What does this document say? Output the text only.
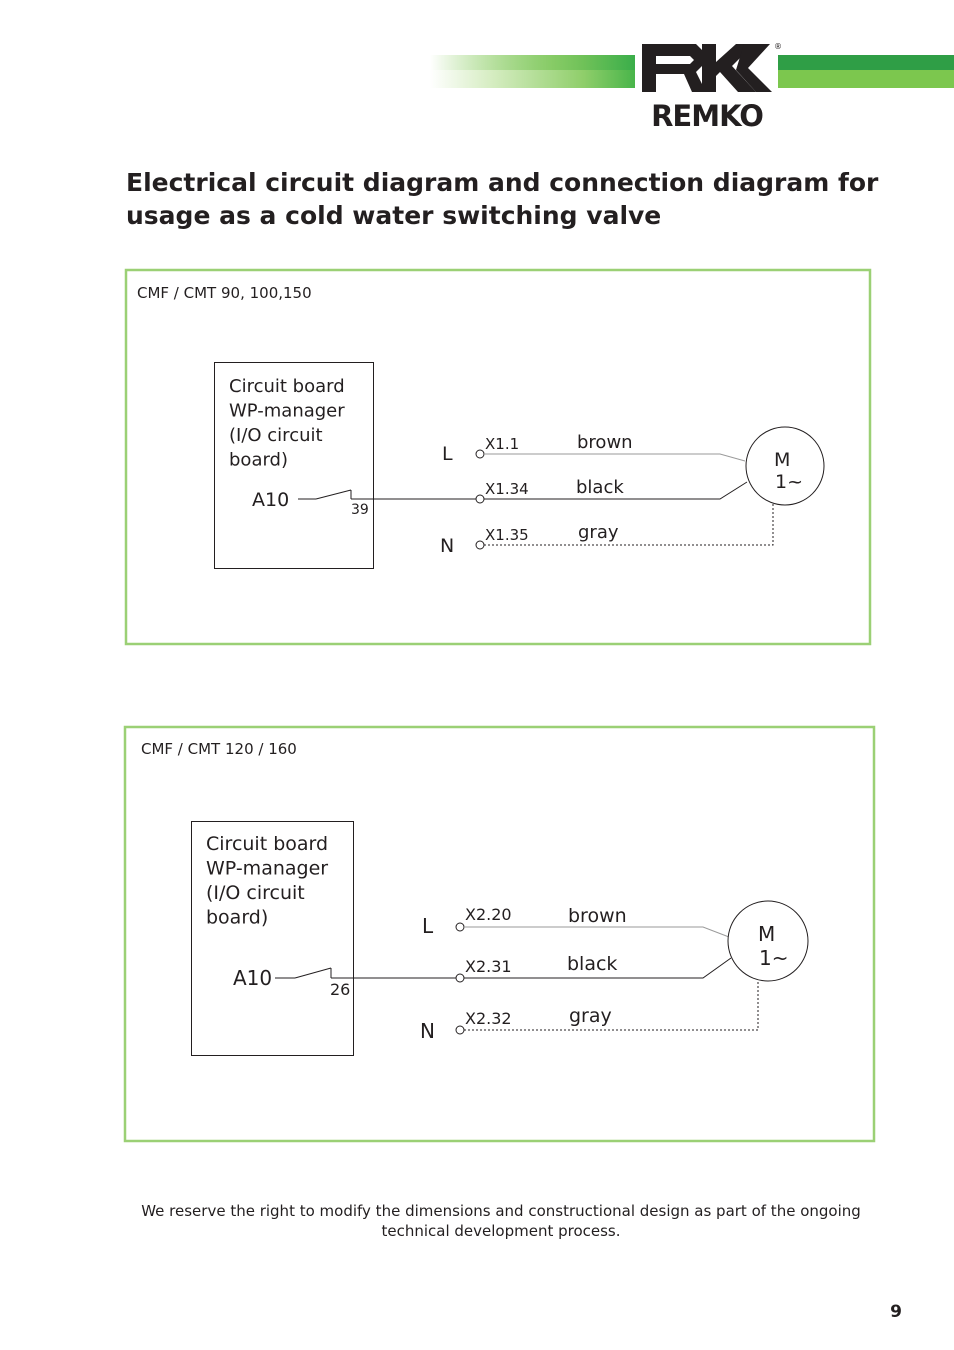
®
REMKO
Electrical circuit diagram and connection diagram for usage as a cold water switching valve
CMF / CMT 90, 100,150
Circuit board
WP-manager
(I/O circuit
board)
A10	39
L
N
X1.1
X1.34
X1.35
brown
black
gray
M
1~
CMF / CMT 120 / 160
Circuit board
WP-manager
(I/O circuit
board)
A10	26
L
N
X2.20
X2.31
X2.32
brown
black
gray
M
1~
We reserve the right to modify the dimensions and constructional design as part of the ongoing technical development process.
9
